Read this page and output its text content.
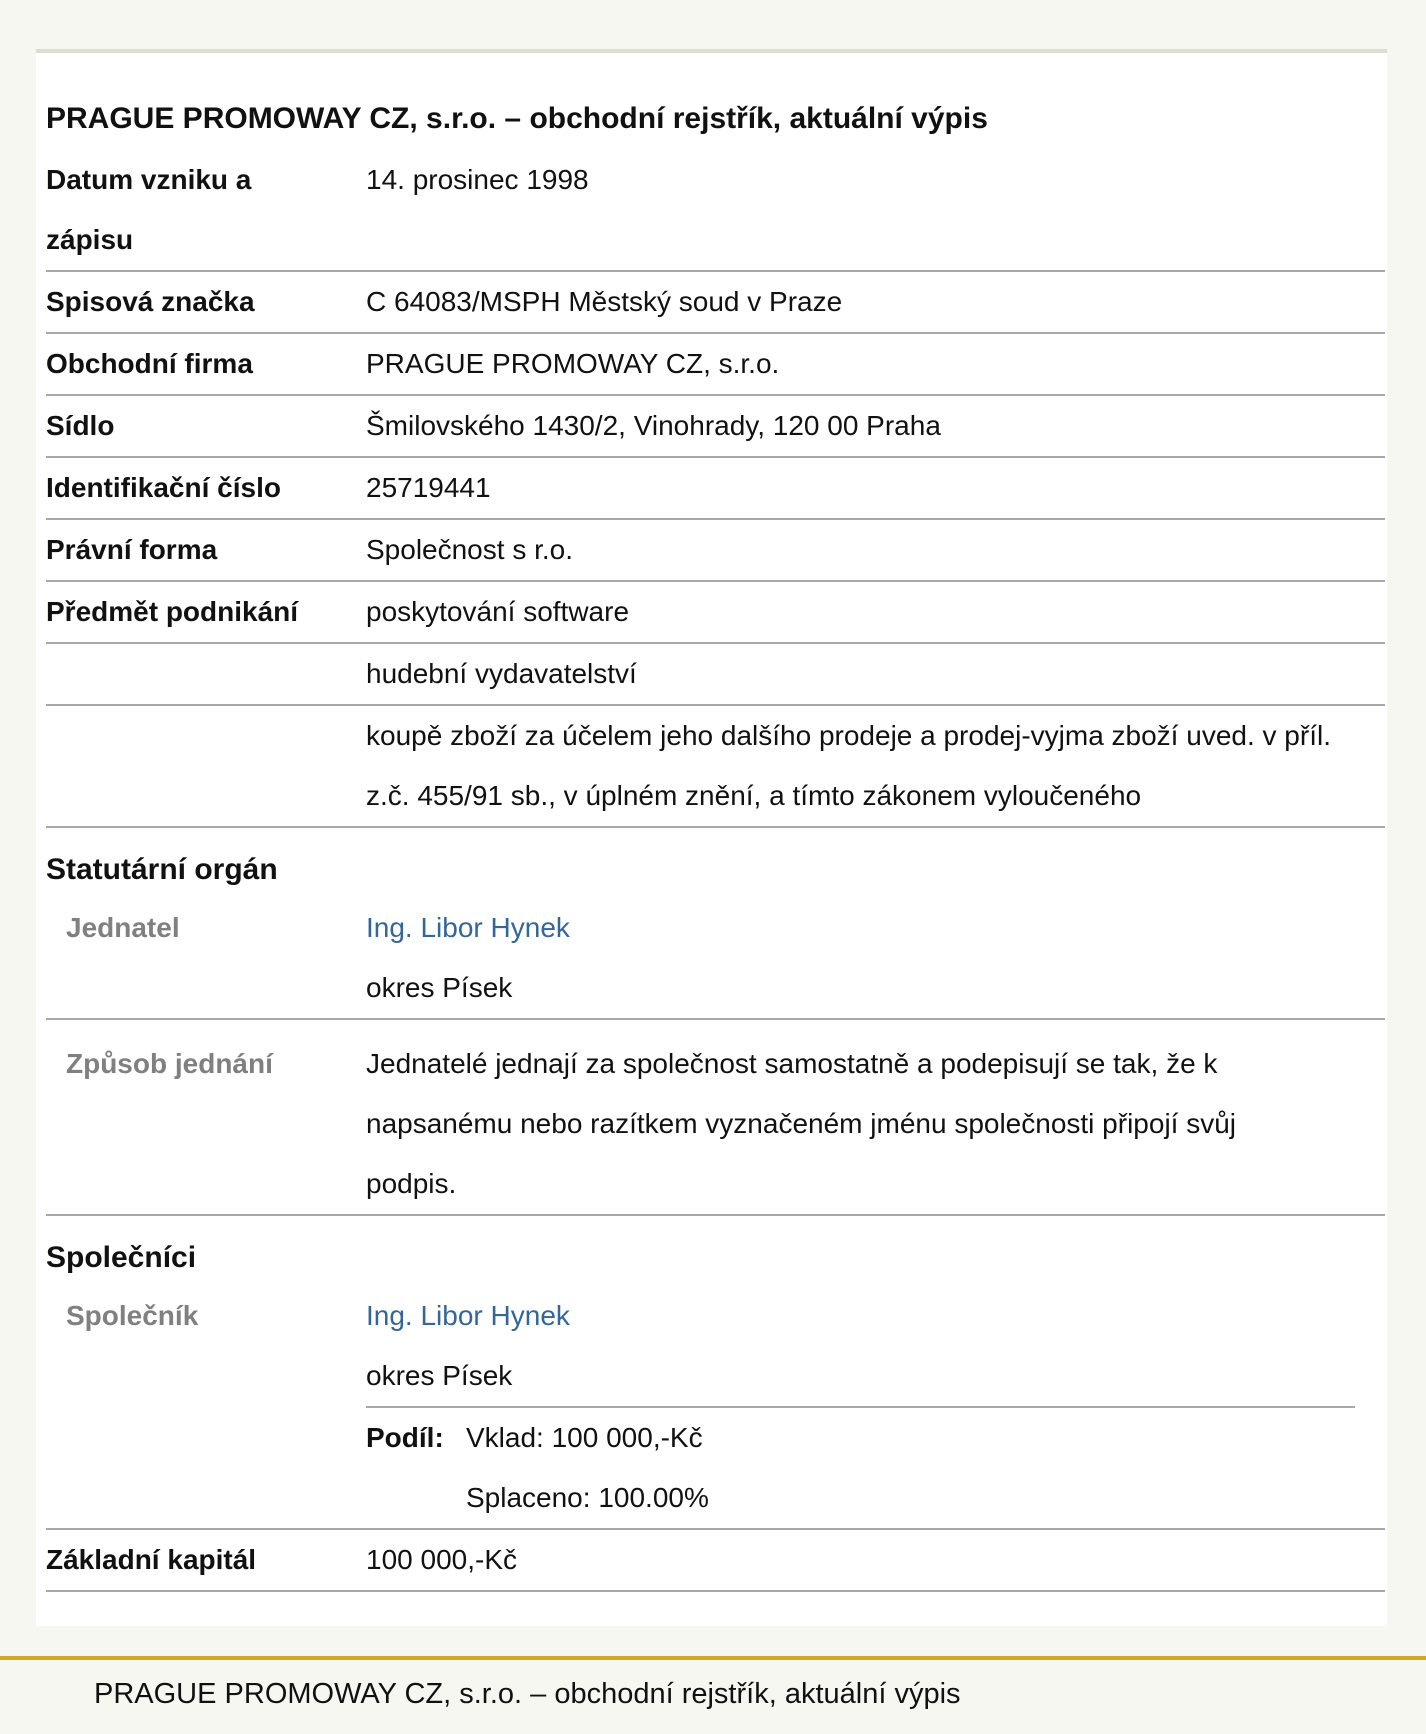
PRAGUE PROMOWAY CZ, s.r.o. – obchodní rejstřík, aktuální výpis
Datum vzniku a zápisu
14. prosinec 1998
Spisová značka	C 64083/MSPH Městský soud v Praze
Obchodní firma	PRAGUE PROMOWAY CZ, s.r.o.
Sídlo	Šmilovského 1430/2, Vinohrady, 120 00 Praha
Identifikační číslo	25719441
Právní forma	Společnost s r.o.
Předmět podnikání	poskytování software
hudební vydavatelství
koupě zboží za účelem jeho dalšího prodeje a prodej-vyjma zboží uved. v příl. z.č. 455/91 sb., v úplném znění, a tímto zákonem vyloučeného
Statutární orgán
Jednatel	Ing. Libor Hynek
okres Písek
Způsob jednání	Jednatelé jednají za společnost samostatně a podepisují se tak, že k napsanému nebo razítkem vyznačeném jménu společnosti připojí svůj podpis.
Společníci
Společník	Ing. Libor Hynek
okres Písek
Podíl: Vklad: 100 000,-Kč
Splaceno: 100.00%
Základní kapitál	100 000,-Kč
PRAGUE PROMOWAY CZ, s.r.o. – obchodní rejstřík, aktuální výpis
